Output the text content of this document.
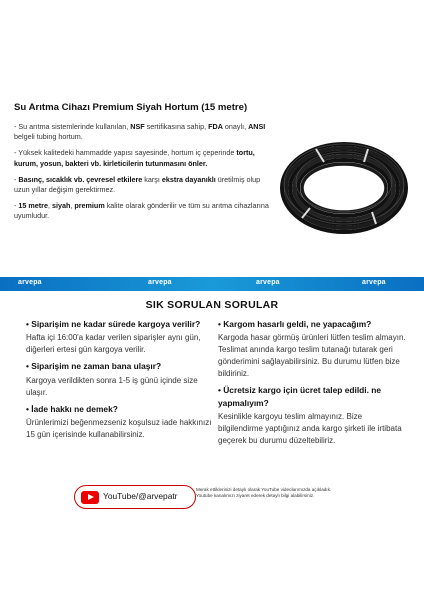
Su Arıtma Cihazı Premium Siyah Hortum (15 metre)

- Su arıtma sistemlerinde kullanılan, NSF sertifikasına sahip, FDA onaylı, ANSI belgeli tubing hortum.

- Yüksek kalitedeki hammadde yapısı sayesinde, hortum iç çeperinde tortu, kurum, yosun, bakteri vb. kirleticilerin tutunmasını önler.

- Basınç, sıcaklık vb. çevresel etkilere karşı ekstra dayanıklı üretilmiş olup uzun yıllar değişim gerektirmez.

- 15 metre, siyah, premium kalite olarak gönderilir ve tüm su arıtma cihazlarına uyumludur.

arvepa	arvepa	arvepa	arvepa
SIK SORULAN SORULAR
• Siparişim ne kadar sürede kargoya verilir?
Hafta içi 16:00'a kadar verilen siparişler aynı gün, diğerleri ertesi gün kargoya verilir.
• Siparişim ne zaman bana ulaşır?
Kargoya verildikten sonra 1-5 iş günü içinde size ulaşır.
• İade hakkı ne demek?
Ürünlerimizi beğenmezseniz koşulsuz iade hakkınızı 15 gün içerisinde kullanabilirsiniz.
• Kargom hasarlı geldi, ne yapacağım?
Kargoda hasar görmüş ürünleri lütfen teslim almayın. Teslimat anında kargo teslim tutanağı tutarak geri gönderimini sağlayabilirsiniz. Bu durumu lütfen bize bildiriniz.
• Ücretsiz kargo için ücret talep edildi. ne yapmalıyım?
Kesinlikle kargoyu teslim almayınız. Bize bilgilendirme yaptığınız anda kargo şirketi ile irtibata geçerek bu durumu düzeltebiliriz.
YouTube/@arvepatr
Merak ettiklerinizi detaylı olarak YouTube videolarımızda açıkladık.
Youtube kanalımızı ziyaret ederek detaylı bilgi alabilirsiniz.
